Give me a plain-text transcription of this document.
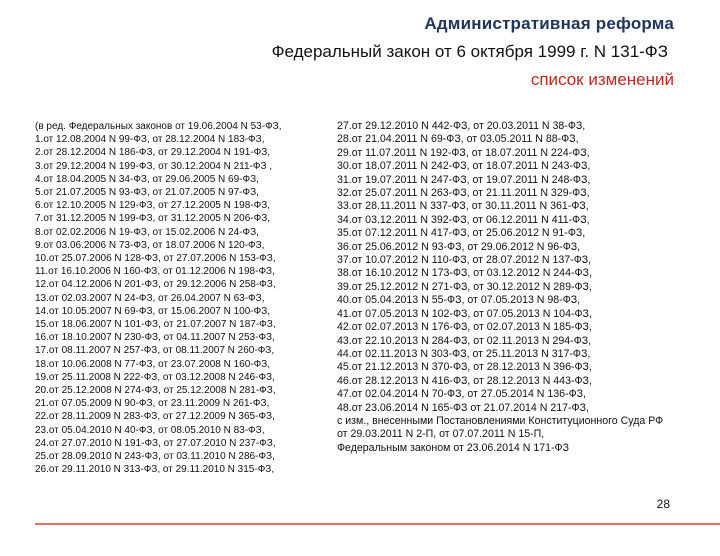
Административная реформа
Федеральный закон от 6 октября 1999 г. N 131-ФЗ
список изменений
(в ред. Федеральных законов от 19.06.2004 N 53-ФЗ,
1.от 12.08.2004 N 99-ФЗ, от 28.12.2004 N 183-ФЗ,
2.от 28.12.2004 N 186-ФЗ, от 29.12.2004 N 191-ФЗ,
3.от 29.12.2004 N 199-ФЗ, от 30.12.2004 N 211-ФЗ ,
4.от 18.04.2005 N 34-ФЗ, от 29.06.2005 N 69-ФЗ,
5.от 21.07.2005 N 93-ФЗ, от 21.07.2005 N 97-ФЗ,
6.от 12.10.2005 N 129-ФЗ, от 27.12.2005 N 198-ФЗ,
7.от 31.12.2005 N 199-ФЗ, от 31.12.2005 N 206-ФЗ,
8.от 02.02.2006 N 19-ФЗ, от 15.02.2006 N 24-ФЗ,
9.от 03.06.2006 N 73-ФЗ, от 18.07.2006 N 120-ФЗ,
10.от 25.07.2006 N 128-ФЗ, от 27.07.2006 N 153-ФЗ,
11.от 16.10.2006 N 160-ФЗ, от 01.12.2006 N 198-ФЗ,
12.от 04.12.2006 N 201-ФЗ, от 29.12.2006 N 258-ФЗ,
13.от 02.03.2007 N 24-ФЗ, от 26.04.2007 N 63-ФЗ,
14.от 10.05.2007 N 69-ФЗ, от 15.06.2007 N 100-ФЗ,
15.от 18.06.2007 N 101-ФЗ, от 21.07.2007 N 187-ФЗ,
16.от 18.10.2007 N 230-ФЗ, от 04.11.2007 N 253-ФЗ,
17.от 08.11.2007 N 257-ФЗ, от 08.11.2007 N 260-ФЗ,
18.от 10.06.2008 N 77-ФЗ, от 23.07.2008 N 160-ФЗ,
19.от 25.11.2008 N 222-ФЗ, от 03.12.2008 N 246-ФЗ,
20.от 25.12.2008 N 274-ФЗ, от 25.12.2008 N 281-ФЗ,
21.от 07.05.2009 N 90-ФЗ, от 23.11.2009 N 261-ФЗ,
22.от 28.11.2009 N 283-ФЗ, от 27.12.2009 N 365-ФЗ,
23.от 05.04.2010 N 40-ФЗ, от 08.05.2010 N 83-ФЗ,
24.от 27.07.2010 N 191-ФЗ, от 27.07.2010 N 237-ФЗ,
25.от 28.09.2010 N 243-ФЗ, от 03.11.2010 N 286-ФЗ,
26.от 29.11.2010 N 313-ФЗ, от 29.11.2010 N 315-ФЗ,
27.от 29.12.2010 N 442-ФЗ, от 20.03.2011 N 38-ФЗ,
28.от 21.04.2011 N 69-ФЗ, от 03.05.2011 N 88-ФЗ,
29.от 11.07.2011 N 192-ФЗ, от 18.07.2011 N 224-ФЗ,
30.от 18.07.2011 N 242-ФЗ, от 18.07.2011 N 243-ФЗ,
31.от 19.07.2011 N 247-ФЗ, от 19.07.2011 N 248-ФЗ,
32.от 25.07.2011 N 263-ФЗ, от 21.11.2011 N 329-ФЗ,
33.от 28.11.2011 N 337-ФЗ, от 30.11.2011 N 361-ФЗ,
34.от 03.12.2011 N 392-ФЗ, от 06.12.2011 N 411-ФЗ,
35.от 07.12.2011 N 417-ФЗ, от 25.06.2012 N 91-ФЗ,
36.от 25.06.2012 N 93-ФЗ, от 29.06.2012 N 96-ФЗ,
37.от 10.07.2012 N 110-ФЗ, от 28.07.2012 N 137-ФЗ,
38.от 16.10.2012 N 173-ФЗ, от 03.12.2012 N 244-ФЗ,
39.от 25.12.2012 N 271-ФЗ, от 30.12.2012 N 289-ФЗ,
40.от 05.04.2013 N 55-ФЗ, от 07.05.2013 N 98-ФЗ,
41.от 07.05.2013 N 102-ФЗ, от 07.05.2013 N 104-ФЗ,
42.от 02.07.2013 N 176-ФЗ, от 02.07.2013 N 185-ФЗ,
43.от 22.10.2013 N 284-ФЗ, от 02.11.2013 N 294-ФЗ,
44.от 02.11.2013 N 303-ФЗ, от 25.11.2013 N 317-ФЗ,
45.от 21.12.2013 N 370-ФЗ, от 28.12.2013 N 396-ФЗ,
46.от 28.12.2013 N 416-ФЗ, от 28.12.2013 N 443-ФЗ,
47.от 02.04.2014 N 70-ФЗ, от 27.05.2014 N 136-ФЗ,
48.от 23.06.2014 N 165-ФЗ от 21.07.2014 N 217-ФЗ,
с изм., внесенными Постановлениями Конституционного Суда РФ
от 29.03.2011 N 2-П, от 07.07.2011 N 15-П,
Федеральным законом от 23.06.2014 N 171-ФЗ
28
